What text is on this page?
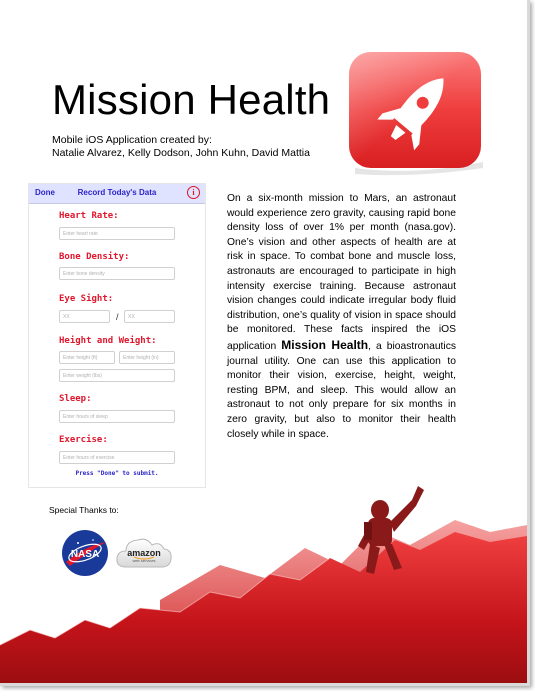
Mission Health
Mobile iOS Application created by:
Natalie Alvarez, Kelly Dodson, John Kuhn, David Mattia
Done	Record Today's Data	i
Heart Rate:
Enter heart rate
Bone Density:
Enter bone density
Eye Sight:
XX	/	XX
Height and Weight:
Enter height (ft)	Enter height (in)
Enter weight (lbs)
Sleep:
Enter hours of sleep
Exercise:
Enter hours of exercise
Press "Done" to submit.
On a six-month mission to Mars, an astronaut would experience zero gravity, causing rapid bone density loss of over 1% per month (nasa.gov). One’s vision and other aspects of health are at risk in space. To combat bone and muscle loss, astronauts are encouraged to participate in high intensity exercise training. Because astronaut vision changes could indicate irregular body fluid distribution, one’s quality of vision in space should be monitored. These facts inspired the iOS application Mission Health, a bioastronautics journal utility. One can use this application to monitor their vision, exercise, height, weight, resting BPM, and sleep. This would allow an astronaut to not only prepare for six months in zero gravity, but also to monitor their health closely while in space.
Special Thanks to:
NASA	amazon
web services
